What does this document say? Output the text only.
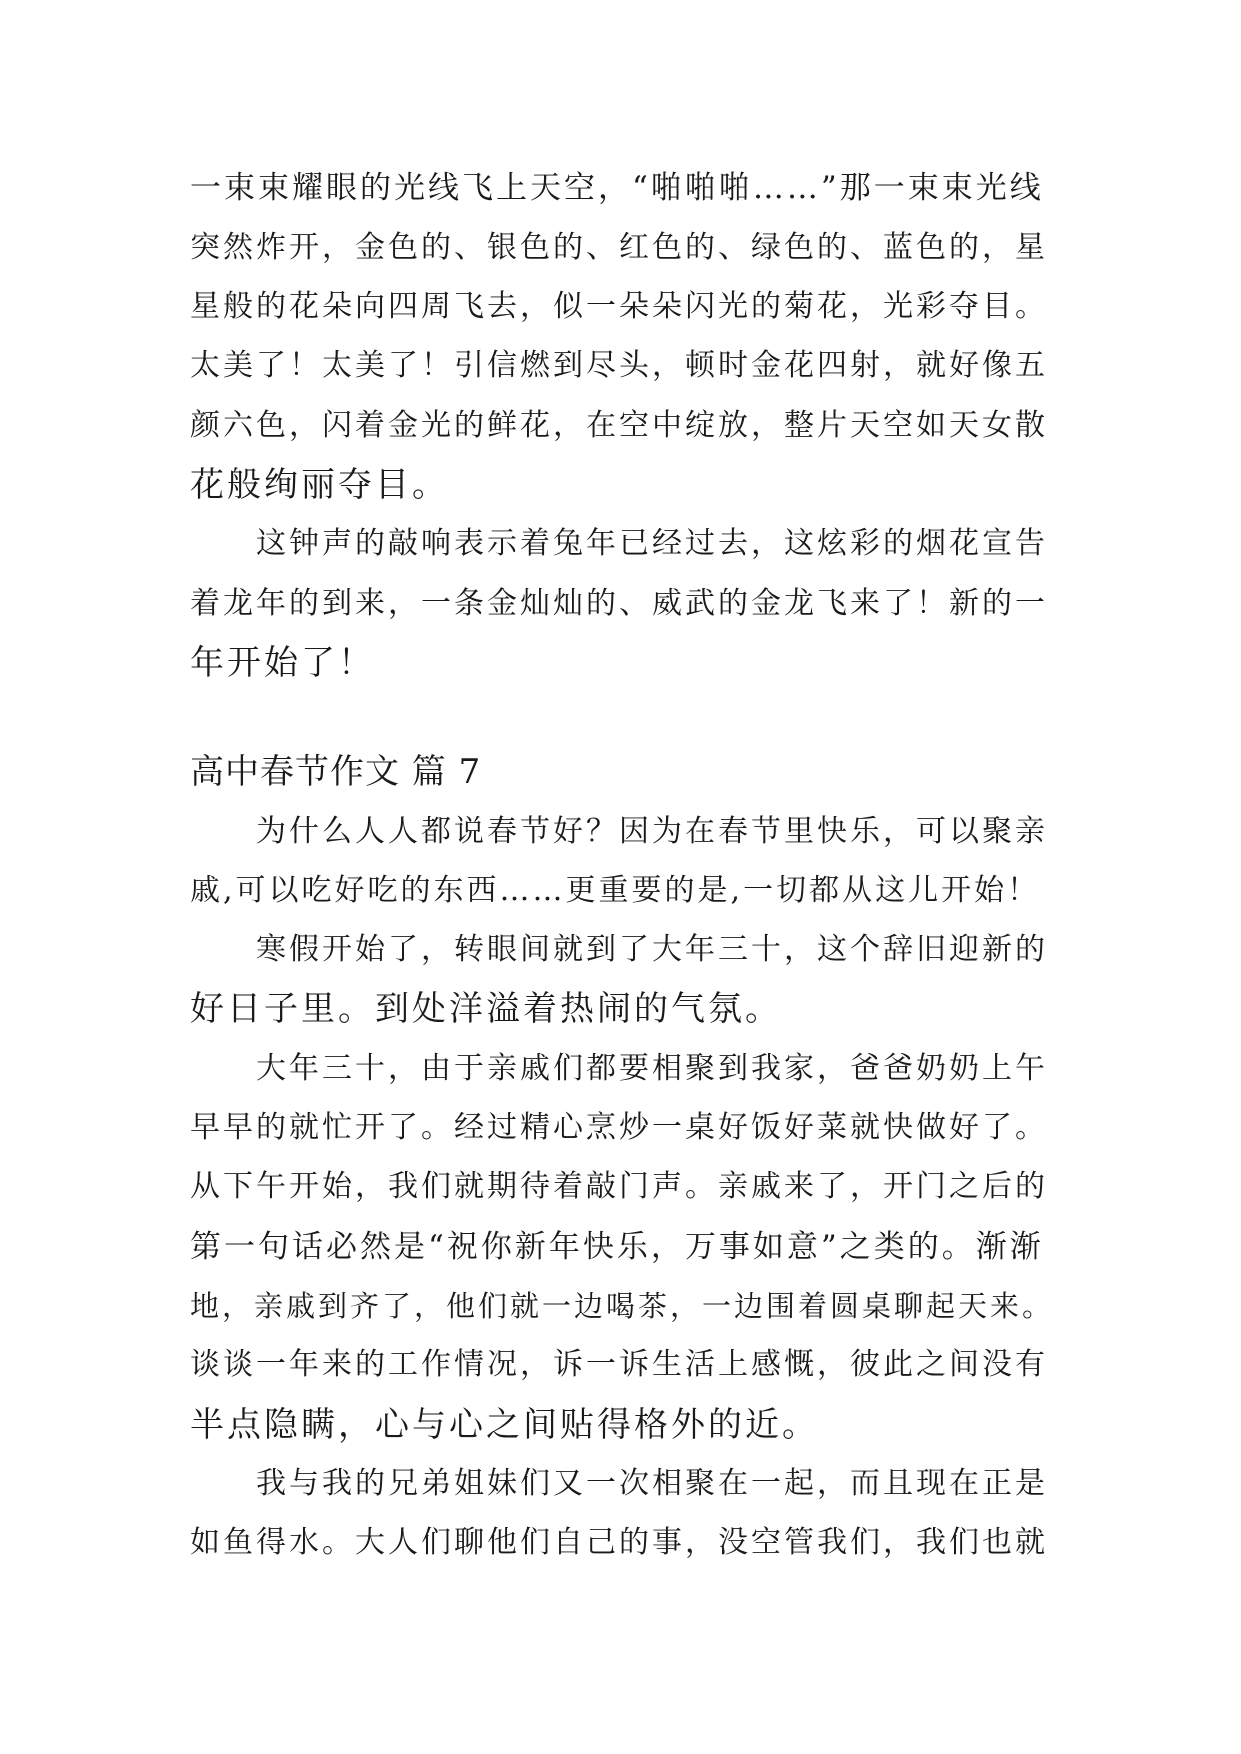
一束束耀眼的光线飞上天空，“啪啪啪……”那一束束光线
突然炸开，金色的、银色的、红色的、绿色的、蓝色的，星
星般的花朵向四周飞去，似一朵朵闪光的菊花，光彩夺目。
太美了！太美了！引信燃到尽头，顿时金花四射，就好像五
颜六色，闪着金光的鲜花，在空中绽放，整片天空如天女散
花般绚丽夺目。
这钟声的敲响表示着兔年已经过去，这炫彩的烟花宣告
着龙年的到来，一条金灿灿的、威武的金龙飞来了！新的一
年开始了！
高中春节作文 篇 7
为什么人人都说春节好？因为在春节里快乐，可以聚亲
戚,可以吃好吃的东西……更重要的是,一切都从这儿开始！
寒假开始了，转眼间就到了大年三十，这个辞旧迎新的
好日子里。到处洋溢着热闹的气氛。
大年三十，由于亲戚们都要相聚到我家，爸爸奶奶上午
早早的就忙开了。经过精心烹炒一桌好饭好菜就快做好了。
从下午开始，我们就期待着敲门声。亲戚来了，开门之后的
第一句话必然是“祝你新年快乐，万事如意”之类的。渐渐
地，亲戚到齐了，他们就一边喝茶，一边围着圆桌聊起天来。
谈谈一年来的工作情况，诉一诉生活上感慨，彼此之间没有
半点隐瞒，心与心之间贴得格外的近。
我与我的兄弟姐妹们又一次相聚在一起，而且现在正是
如鱼得水。大人们聊他们自己的事，没空管我们，我们也就
